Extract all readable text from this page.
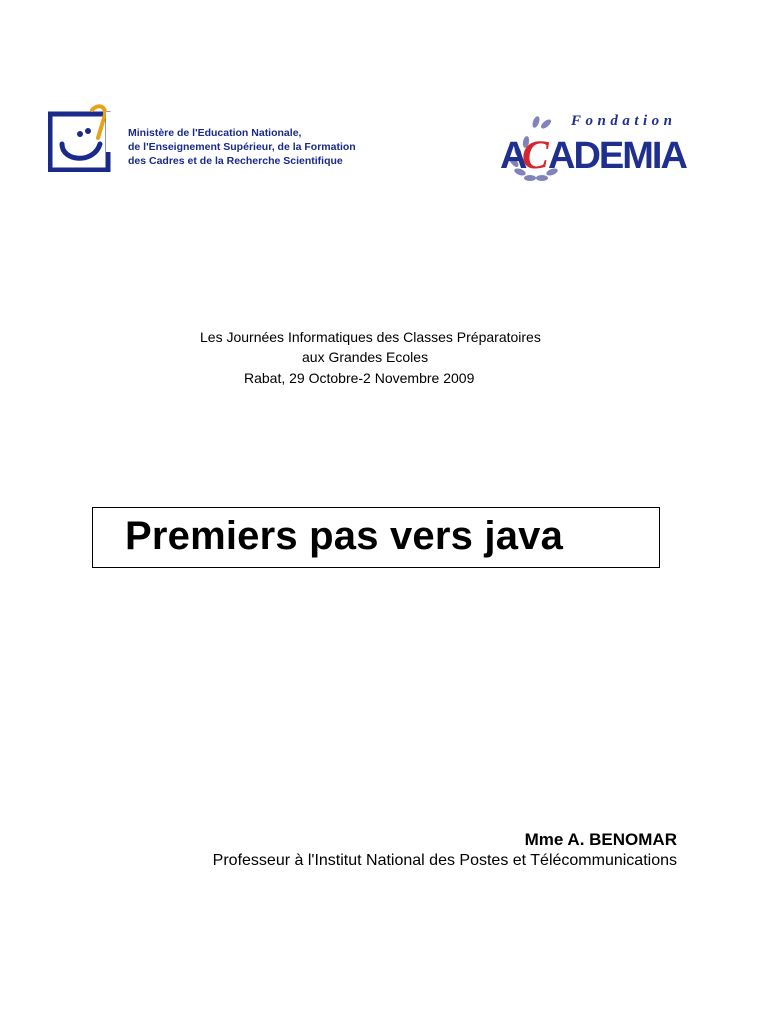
Ministère de l'Education Nationale,
de l'Enseignement Supérieur, de la Formation
des Cadres et de la Recherche Scientifique	A
C ADEMIA
Fondation
Les Journées Informatiques des Classes Préparatoires
aux Grandes Ecoles
Rabat, 29 Octobre-2 Novembre 2009
Premiers pas vers java
Mme A. BENOMAR
Professeur à l'Institut National des Postes et Télécommunications
